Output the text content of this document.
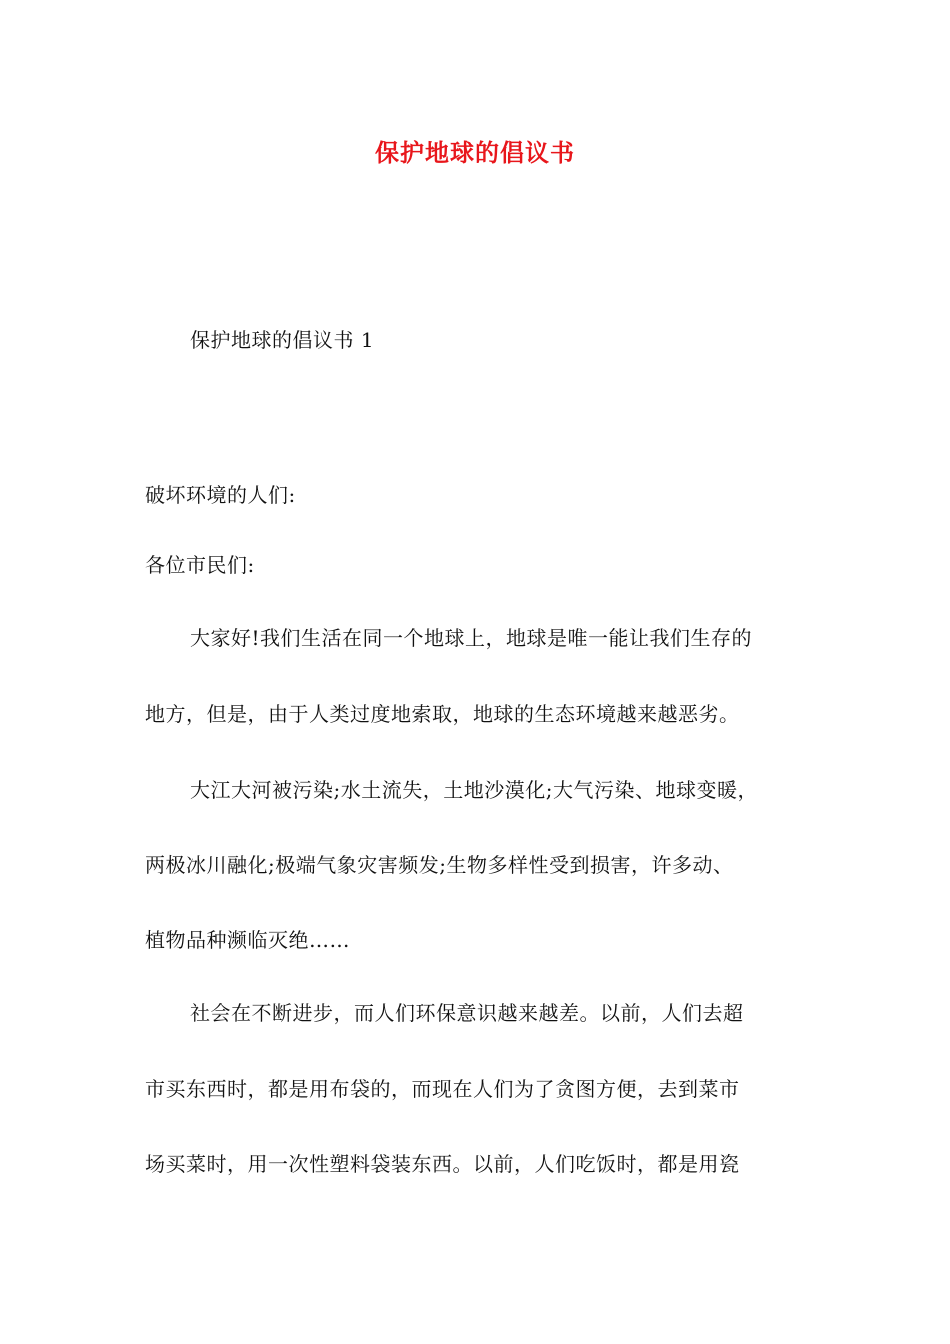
保护地球的倡议书
保护地球的倡议书 1
破坏环境的人们:
各位市民们:
大家好!我们生活在同一个地球上，地球是唯一能让我们生存的
地方，但是，由于人类过度地索取，地球的生态环境越来越恶劣。
大江大河被污染;水土流失，土地沙漠化;大气污染、地球变暖，
两极冰川融化;极端气象灾害频发;生物多样性受到损害，许多动、
植物品种濒临灭绝……
社会在不断进步，而人们环保意识越来越差。以前，人们去超
市买东西时，都是用布袋的，而现在人们为了贪图方便，去到菜市
场买菜时，用一次性塑料袋装东西。以前，人们吃饭时，都是用瓷
